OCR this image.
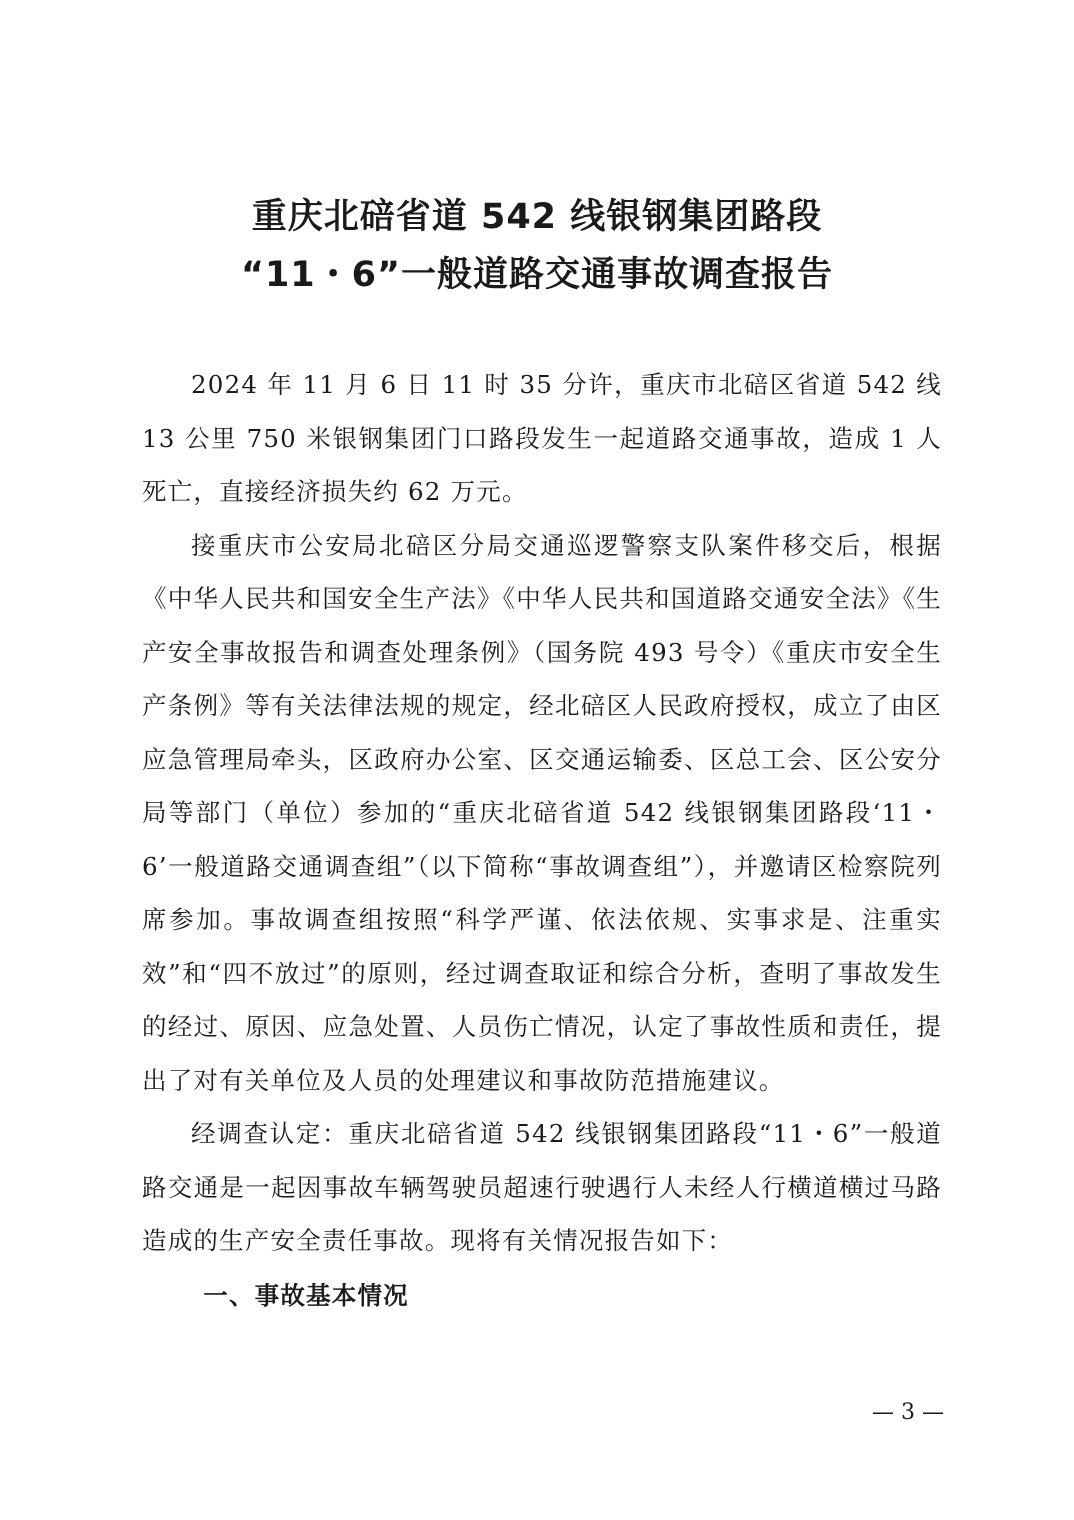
重庆北碚省道 542 线银钢集团路段
“11・6”一般道路交通事故调查报告

2024 年 11 月 6 日 11 时 35 分许，重庆市北碚区省道 542 线 13 公里 750 米银钢集团门口路段发生一起道路交通事故，造成 1 人死亡，直接经济损失约 62 万元。

接重庆市公安局北碚区分局交通巡逻警察支队案件移交后，根据《中华人民共和国安全生产法》《中华人民共和国道路交通安全法》《生产安全事故报告和调查处理条例》（国务院 493 号令）《重庆市安全生产条例》等有关法律法规的规定，经北碚区人民政府授权，成立了由区应急管理局牵头，区政府办公室、区交通运输委、区总工会、区公安分局等部门（单位）参加的“重庆北碚省道 542 线银钢集团路段‘11・6’一般道路交通调查组”（以下简称“事故调查组”），并邀请区检察院列席参加。事故调查组按照“科学严谨、依法依规、实事求是、注重实效”和“四不放过”的原则，经过调查取证和综合分析，查明了事故发生的经过、原因、应急处置、人员伤亡情况，认定了事故性质和责任，提出了对有关单位及人员的处理建议和事故防范措施建议。

经调查认定：重庆北碚省道 542 线银钢集团路段“11・6”一般道路交通是一起因事故车辆驾驶员超速行驶遇行人未经人行横道横过马路造成的生产安全责任事故。现将有关情况报告如下：

一、事故基本情况

— 3 —
